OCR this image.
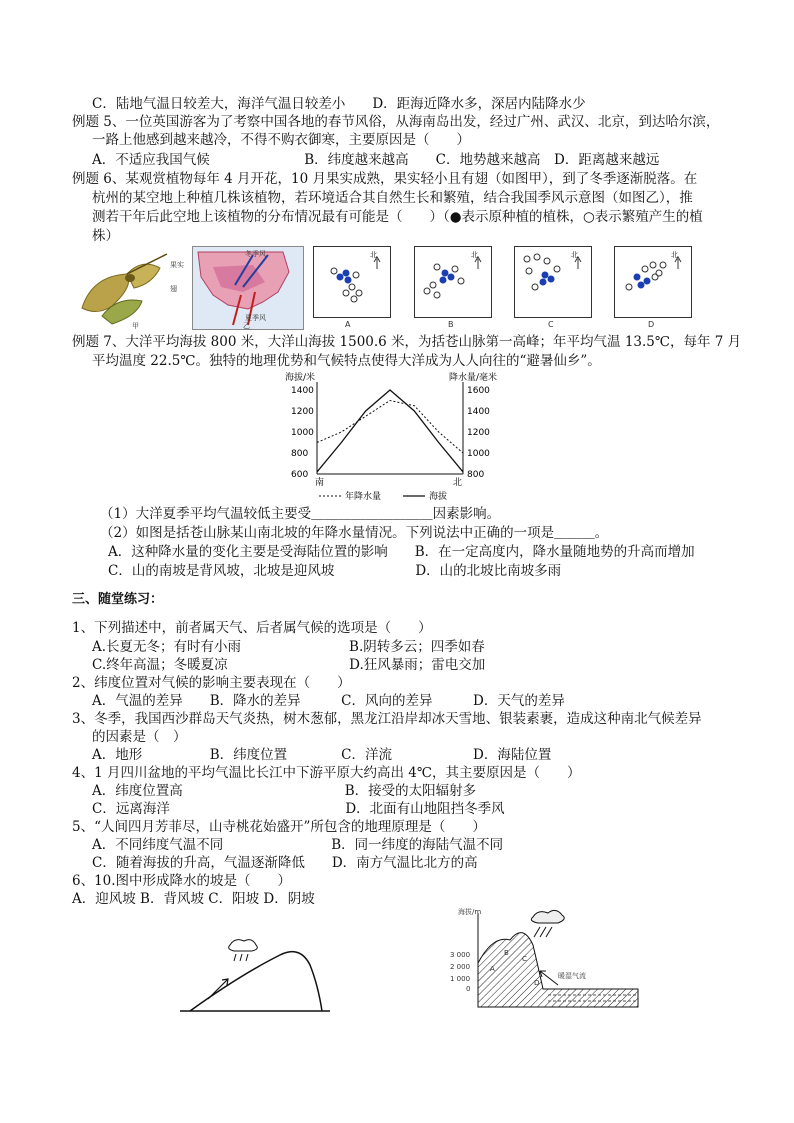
C．陆地气温日较差大，海洋气温日较差小　　D．距海近降水多，深居内陆降水少
例题 5、一位英国游客为了考察中国各地的春节风俗，从海南岛出发，经过广州、武汉、北京，到达哈尔滨，
一路上他感到越来越冷，不得不购衣御寒，主要原因是（　　）
A．不适应我国气候　　　　　　　B．纬度越来越高　　C．地势越来越高　D．距离越来越远
例题 6、某观赏植物每年 4 月开花，10 月果实成熟，果实轻小且有翅（如图甲），到了冬季逐渐脱落。在
杭州的某空地上种植几株该植物，若环境适合其自然生长和繁殖，结合我国季风示意图（如图乙），推
测若干年后此空地上该植物的分布情况最有可能是（　　）（●表示原种植的植株，○表示繁殖产生的植
株）
果实
翅
甲
冬季风
夏季风
乙
北
A
北
B
北
C
北
D
例题 7、大洋平均海拔 800 米，大洋山海拔 1500.6 米，为括苍山脉第一高峰；年平均气温 13.5℃，每年 7 月
平均温度 22.5℃。独特的地理优势和气候特点使得大洋成为人人向往的“避暑仙乡”。
海拔/米	降水量/毫米
600
800
1000
1200
1400
800
1000
1200
1400
1600
南	北
年降水量	海拔
（1）大洋夏季平均气温较低主要受＿＿＿＿＿＿＿＿＿因素影响。
（2）如图是括苍山脉某山南北坡的年降水量情况。下列说法中正确的一项是＿＿＿。
A．这种降水量的变化主要是受海陆位置的影响　　B．在一定高度内，降水量随地势的升高而增加
C．山的南坡是背风坡，北坡是迎风坡　　　　　　D．山的北坡比南坡多雨
三、随堂练习：
1、下列描述中，前者属天气、后者属气候的选项是（　　）
A.长夏无冬；有时有小雨　　　　　　　　B.阴转多云；四季如春
C.终年高温；冬暖夏凉　　　　　　　　　D.狂风暴雨；雷电交加
2、纬度位置对气候的影响主要表现在（　　）
A．气温的差异　　B．降水的差异　　　C．风向的差异　　　D．天气的差异
3、冬季，我国西沙群岛天气炎热，树木葱郁，黑龙江沿岸却冰天雪地、银装素裹，造成这种南北气候差异
的因素是（　）
A．地形　　　　　B．纬度位置　　　　C．洋流　　　　　　D．海陆位置
4、1 月四川盆地的平均气温比长江中下游平原大约高出 4℃，其主要原因是（　　）
A．纬度位置高　　　　　　　　　　　　B．接受的太阳辐射多
C．远离海洋　　　　　　　　　　　　　D．北面有山地阻挡冬季风
5、“人间四月芳菲尽，山寺桃花始盛开”所包含的地理原理是（　　）
A．不同纬度气温不同　　　　　　　　B．同一纬度的海陆气温不同
C．随着海拔的升高，气温逐渐降低　　D．南方气温比北方的高
6、10.图中形成降水的坡是（　　）
A．迎风坡 B．背风坡 C．阳坡 D．阴坡
海拔/m
3 000
2 000
1 000
0
暖湿气流
A
B
C
D
